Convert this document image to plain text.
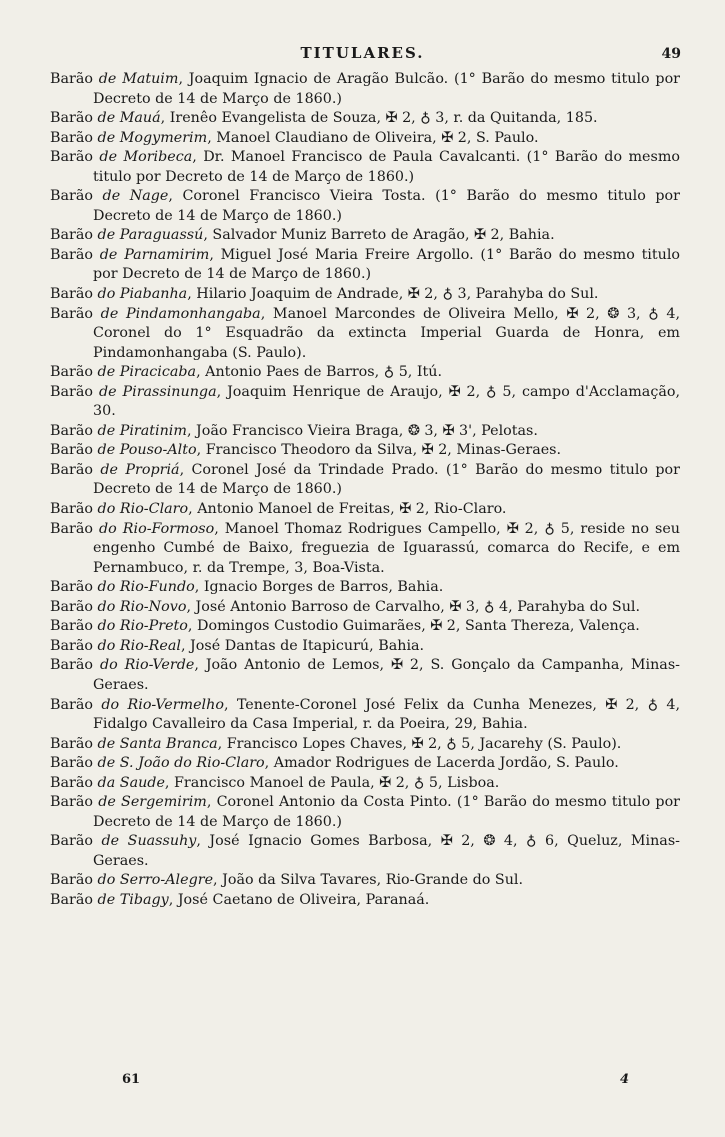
TITULARES.	49

Barão de Matuim, Joaquim Ignacio de Aragão Bulcão. (1° Barão do mesmo titulo por Decreto de 14 de Março de 1860.)

Barão de Mauá, Irenêo Evangelista de Souza, ✠ 2, ♁ 3, r. da Quitanda, 185.

Barão de Mogymerim, Manoel Claudiano de Oliveira, ✠ 2, S. Paulo.

Barão de Moribeca, Dr. Manoel Francisco de Paula Cavalcanti. (1° Barão do mesmo titulo por Decreto de 14 de Março de 1860.)

Barão de Nage, Coronel Francisco Vieira Tosta. (1° Barão do mesmo titulo por Decreto de 14 de Março de 1860.)

Barão de Paraguassú, Salvador Muniz Barreto de Aragão, ✠ 2, Bahia.

Barão de Parnamirim, Miguel José Maria Freire Argollo. (1° Barão do mesmo titulo por Decreto de 14 de Março de 1860.)

Barão do Piabanha, Hilario Joaquim de Andrade, ✠ 2, ♁ 3, Parahyba do Sul.

Barão de Pindamonhangaba, Manoel Marcondes de Oliveira Mello, ✠ 2, ❂ 3, ♁ 4, Coronel do 1° Esquadrão da extincta Imperial Guarda de Honra, em Pindamonhangaba (S. Paulo).

Barão de Piracicaba, Antonio Paes de Barros, ♁ 5, Itú.

Barão de Pirassinunga, Joaquim Henrique de Araujo, ✠ 2, ♁ 5, campo d'Acclamação, 30.

Barão de Piratinim, João Francisco Vieira Braga, ❂ 3, ✠ 3', Pelotas.

Barão de Pouso-Alto, Francisco Theodoro da Silva, ✠ 2, Minas-Geraes.

Barão de Propriá, Coronel José da Trindade Prado. (1° Barão do mesmo titulo por Decreto de 14 de Março de 1860.)

Barão do Rio-Claro, Antonio Manoel de Freitas, ✠ 2, Rio-Claro.

Barão do Rio-Formoso, Manoel Thomaz Rodrigues Campello, ✠ 2, ♁ 5, reside no seu engenho Cumbé de Baixo, freguezia de Iguarassú, comarca do Recife, e em Pernambuco, r. da Trempe, 3, Boa-Vista.

Barão do Rio-Fundo, Ignacio Borges de Barros, Bahia.

Barão do Rio-Novo, José Antonio Barroso de Carvalho, ✠ 3, ♁ 4, Parahyba do Sul.

Barão do Rio-Preto, Domingos Custodio Guimarães, ✠ 2, Santa Thereza, Valença.

Barão do Rio-Real, José Dantas de Itapicurú, Bahia.

Barão do Rio-Verde, João Antonio de Lemos, ✠ 2, S. Gonçalo da Campanha, Minas-Geraes.

Barão do Rio-Vermelho, Tenente-Coronel José Felix da Cunha Menezes, ✠ 2, ♁ 4, Fidalgo Cavalleiro da Casa Imperial, r. da Poeira, 29, Bahia.

Barão de Santa Branca, Francisco Lopes Chaves, ✠ 2, ♁ 5, Jacarehy (S. Paulo).

Barão de S. João do Rio-Claro, Amador Rodrigues de Lacerda Jordão, S. Paulo.

Barão da Saude, Francisco Manoel de Paula, ✠ 2, ♁ 5, Lisboa.

Barão de Sergemirim, Coronel Antonio da Costa Pinto. (1° Barão do mesmo titulo por Decreto de 14 de Março de 1860.)

Barão de Suassuhy, José Ignacio Gomes Barbosa, ✠ 2, ❂ 4, ♁ 6, Queluz, Minas-Geraes.

Barão do Serro-Alegre, João da Silva Tavares, Rio-Grande do Sul.

Barão de Tibagy, José Caetano de Oliveira, Paranaá.

61	4
